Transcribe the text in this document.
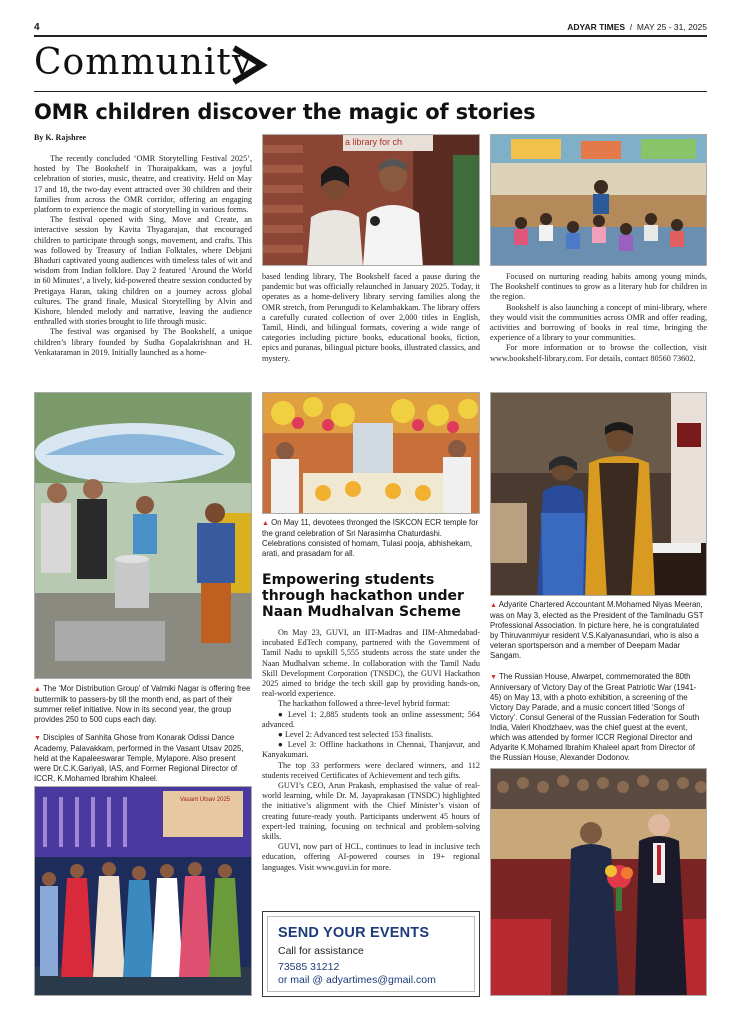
4	ADYAR TIMES  /  MAY 25 - 31, 2025
Community
OMR children discover the magic of stories
By K. Rajshree

The recently concluded ‘OMR Storytelling Festival 2025’, hosted by The Bookshelf in Thoraipakkam, was a joyful celebration of stories, music, theatre, and creativity. Held on May 17 and 18, the two-day event attracted over 30 children and their families from across the OMR corridor, offering an engaging platform to experience the magic of storytelling in various forms.

The festival opened with Sing, Move and Create, an interactive session by Kavita Thyagarajan, that encouraged children to participate through songs, movement, and crafts. This was followed by Treasury of Indian Folktales, where Debjani Bhaduri captivated young audiences with timeless tales of wit and wisdom from Indian folklore. Day 2 featured ‘Around the World in 60 Minutes’, a lively, kid-powered theatre session conducted by Pretigaya Haran, taking children on a journey across global cultures. The grand finale, Musical Storytelling by Alvin and Kishore, blended melody and narrative, leaving the audience enthralled with stories brought to life through music.

The festival was organised by The Bookshelf, a unique children’s library founded by Sudha Gopalakrishnan and H. Venkataraman in 2019. Initially launched as a home-

a library for ch

based lending library, The Bookshelf faced a pause during the pandemic but was officially relaunched in January 2025. Today, it operates as a home-delivery library serving families along the OMR stretch, from Perungudi to Kelambakkam. The library offers a carefully curated collection of over 2,000 titles in English, Tamil, Hindi, and bilingual formats, covering a wide range of categories including picture books, educational books, fiction, epics and puranas, bilingual picture books, illustrated classics, and mystery.

Focused on nurturing reading habits among young minds, The Bookshelf continues to grow as a literary hub for children in the region.

Bookshelf is also launching a concept of mini-library, where they would visit the communities across OMR and offer reading, activities and borrowing of books in real time, bringing the experience of a library to your communities.

For more information or to browse the collection, visit www.bookshelf-library.com. For details, contact 80560 73602.

▲ The ‘Mor Distribution Group’ of Valmiki Nagar is offering free buttermilk to passers-by till the month end, as part of their summer relief initiative. Now in its second year, the group provides 250 to 500 cups each day.
▼ Disciples of Sanhita Ghose from Konarak Odissi Dance Academy, Palavakkam, performed in the Vasant Utsav 2025, held at the Kapaleeswarar Temple, Mylapore. Also present were Dr.C.K.Gariyali, IAS, and Former Regional Director of ICCR, K.Mohamed Ibrahim Khaleel.
Vasant Utsav 2025
▲ On May 11, devotees thronged the ISKCON ECR temple for the grand celebration of Sri Narasimha Chaturdashi. Celebrations consisted of homam, Tulasi pooja, abhishekam, arati, and prasadam for all.
Empowering students through hackathon under Naan Mudhalvan Scheme

On May 23, GUVI, an IIT-Madras and IIM-Ahmedabad-incubated EdTech company, partnered with the Government of Tamil Nadu to upskill 5,555 students across the state under the Naan Mudhalvan scheme. In collaboration with the Tamil Nadu Skill Development Corporation (TNSDC), the GUVI Hackathon 2025 aimed to bridge the tech skill gap by providing hands-on, real-world experience.

The hackathon followed a three-level hybrid format:

● Level 1: 2,885 students took an online assessment; 564 advanced.

● Level 2: Advanced test selected 153 finalists.

● Level 3: Offline hackathons in Chennai, Thanjavur, and Kanyakumari.

The top 33 performers were declared winners, and 112 students received Certificates of Achievement and tech gifts.

GUVI’s CEO, Arun Prakash, emphasised the value of real-world learning, while Dr. M. Jayaprakasan (TNSDC) highlighted the initiative’s alignment with the Chief Minister’s vision of creating future-ready youth. Participants underwent 45 hours of expert-led training, focusing on technical and problem-solving skills.

GUVI, now part of HCL, continues to lead in inclusive tech education, offering AI-powered courses in 19+ regional languages. Visit www.guvi.in for more.

SEND YOUR EVENTS
Call for assistance
73585 31212
or mail @ adyartimes@gmail.com
▲ Adyarite Chartered Accountant M.Mohamed Niyas Meeran, was on May 3, elected as the President of the Tamilnadu GST Professional Association. In picture here, he is congratulated by Thiruvanmiyur resident V.S.Kalyanasundari, who is also a veteran sportsperson and a member of Deepam Madar Sangam.
▼ The Russian House, Alwarpet, commemorated the 80th Anniversary of Victory Day of the Great Patriotic War (1941-45) on May 13, with a photo exhibition, a screening of the Victory Day Parade, and a music concert titled ‘Songs of Victory’. Consul General of the Russian Federation for South India, Valeri Khodzhaev, was the chief guest at the event, which was attended by former ICCR Regional Director and Adyarite K.Mohamed Ibrahim Khaleel apart from Director of the Russian House, Alexander Dodonov.
